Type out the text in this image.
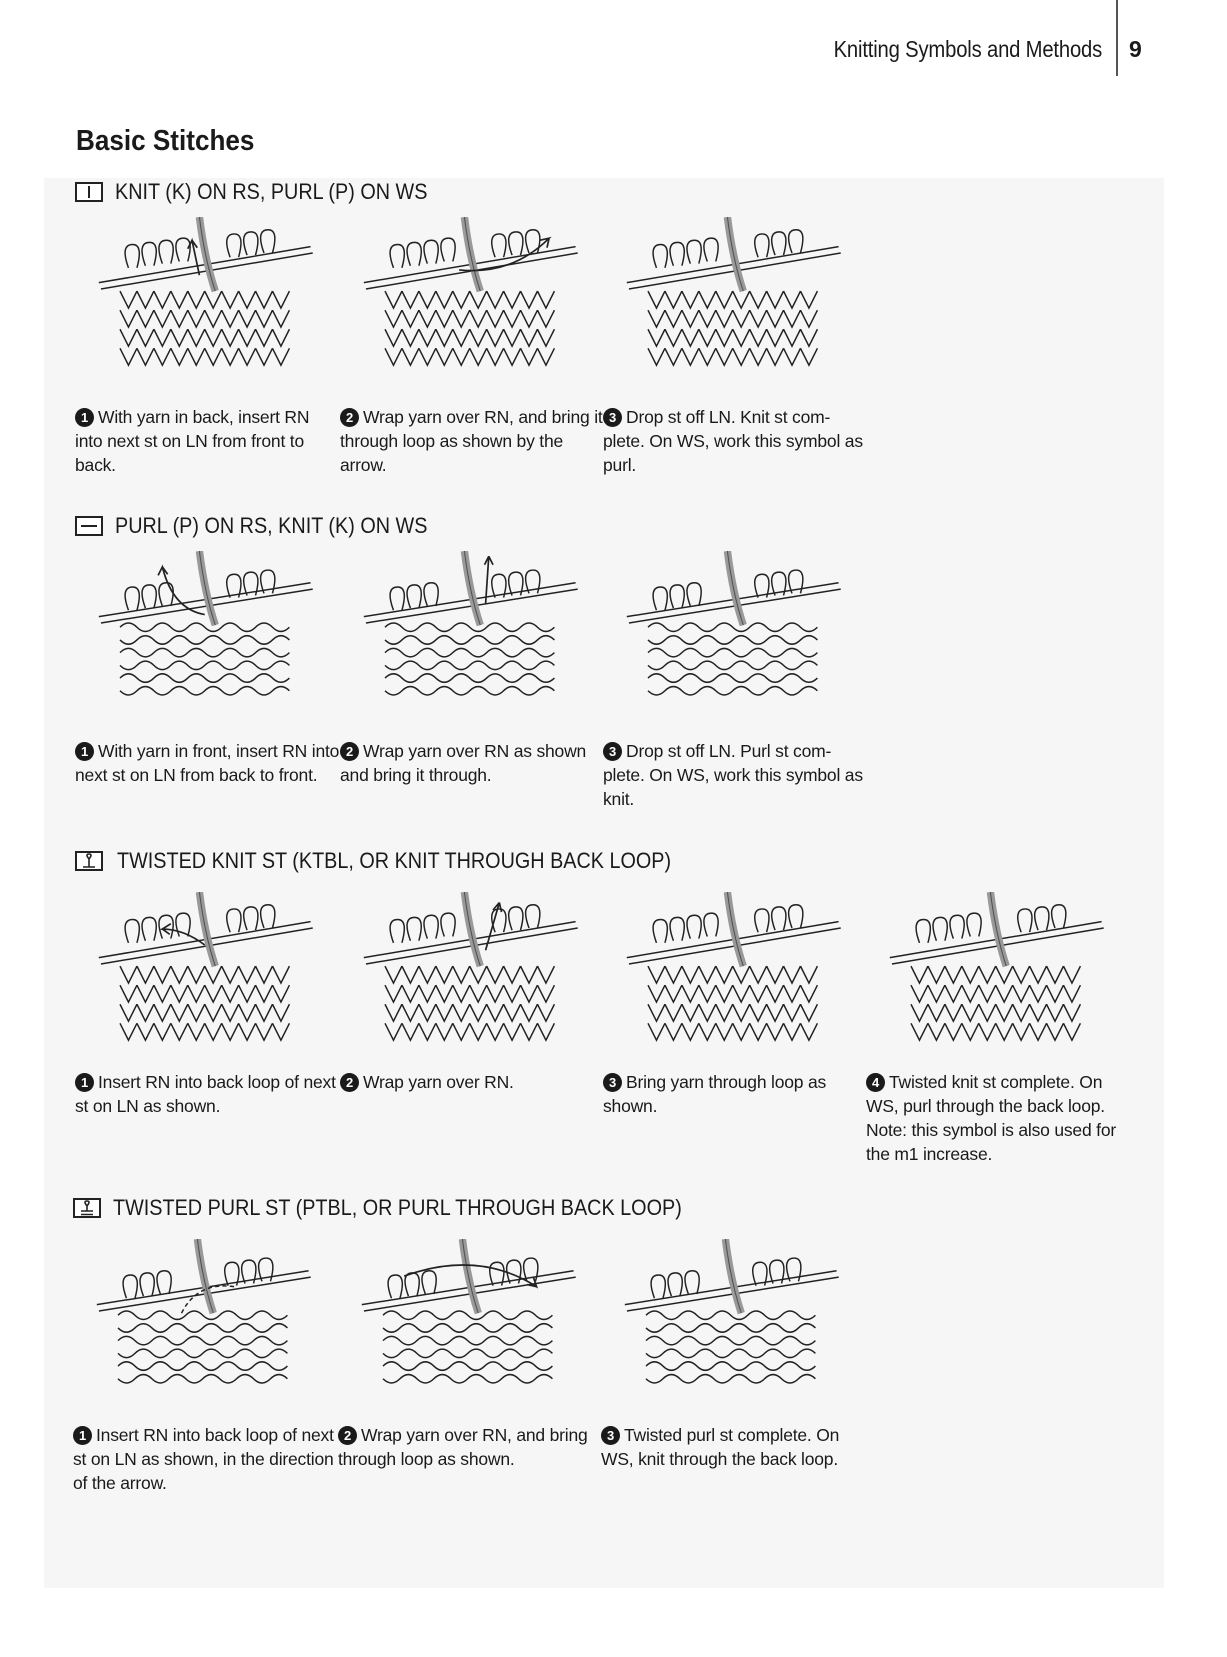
Knitting Symbols and Methods 9
Basic Stitches
KNIT (K) ON RS, PURL (P) ON WS
1 With yarn in back, insert RN into next st on LN from front to back.
2 Wrap yarn over RN, and bring it through loop as shown by the arrow.
3 Drop st off LN. Knit st com-plete. On WS, work this symbol as purl.
PURL (P) ON RS, KNIT (K) ON WS
1 With yarn in front, insert RN into next st on LN from back to front.
2 Wrap yarn over RN as shown and bring it through.
3 Drop st off LN. Purl st com-plete. On WS, work this symbol as knit.
TWISTED KNIT ST (KTBL, OR KNIT THROUGH BACK LOOP)
1 Insert RN into back loop of next st on LN as shown.
2 Wrap yarn over RN.	3 Bring yarn through loop as shown.
4 Twisted knit st complete. On WS, purl through the back loop. Note: this symbol is also used for the m1 increase.
TWISTED PURL ST (PTBL, OR PURL THROUGH BACK LOOP)
1 Insert RN into back loop of next st on LN as shown, in the direction of the arrow.
2 Wrap yarn over RN, and bring through loop as shown.
3 Twisted purl st complete. On WS, knit through the back loop.
